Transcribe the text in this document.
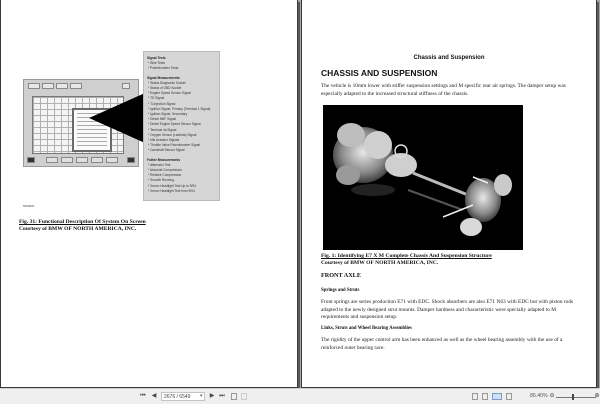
Signal Tests
* Wire Tests
* Potentiometer Tests
Signal Measurements
* Status Diagnostic Socket
* Status of OBD Socket
* Engine Speed Sensor Signal
* TD Signal
* Ti-Injection Signal
* Ignition Signal, Primary (Terminal 1 Signal)
* Ignition Signal, Secondary
* Diesel NBF Signal
* Diesel Engine Speed Sensor Signal
* Terminal 4a Signal
* Oxygen Sensor (Lambda) Signal
* Idle Actuator Signals
* Throttle Valve Potentiometer Signal
* Camshaft Sensor Signal
Futher Measurements
* Alternator Test
* Absolute Compression
* Relative Compression
* Smooth Running
* Xenon Headlight Test Up to 9/94
* Xenon Headlight Test from 9/94
5600661
Fig. 31: Functional Description Of System On Screen
Courtesy of BMW OF NORTH AMERICA, INC.
Chassis and Suspension
CHASSIS AND SUSPENSION
The vehicle is 10mm lower with stiffer suspension settings and M specific rear air springs. The damper setup was especially adapted to the increased structural stiffness of the chassis.
Fig. 1: Identifying E7 X M Complete Chassis And Suspension Structure
Courtesy of BMW OF NORTH AMERICA, INC.
FRONT AXLE
Springs and Struts
Front springs are series production E71 with EDC. Shock absorbers are also E71 N63 with EDC but with piston rods adapted to the newly designed strut mounts. Damper hardness and characteristic were specially adapted to M requirements and suspension setup.
Links, Struts and Wheel Bearing Assemblies
The rigidity of the upper control arm has been enhanced as well as the wheel bearing assembly with the use of a reinforced outer bearing race.
⏮ ◀	2676 / 6549	▾ ▶ ⏭	86.40% ⊖	⊕
